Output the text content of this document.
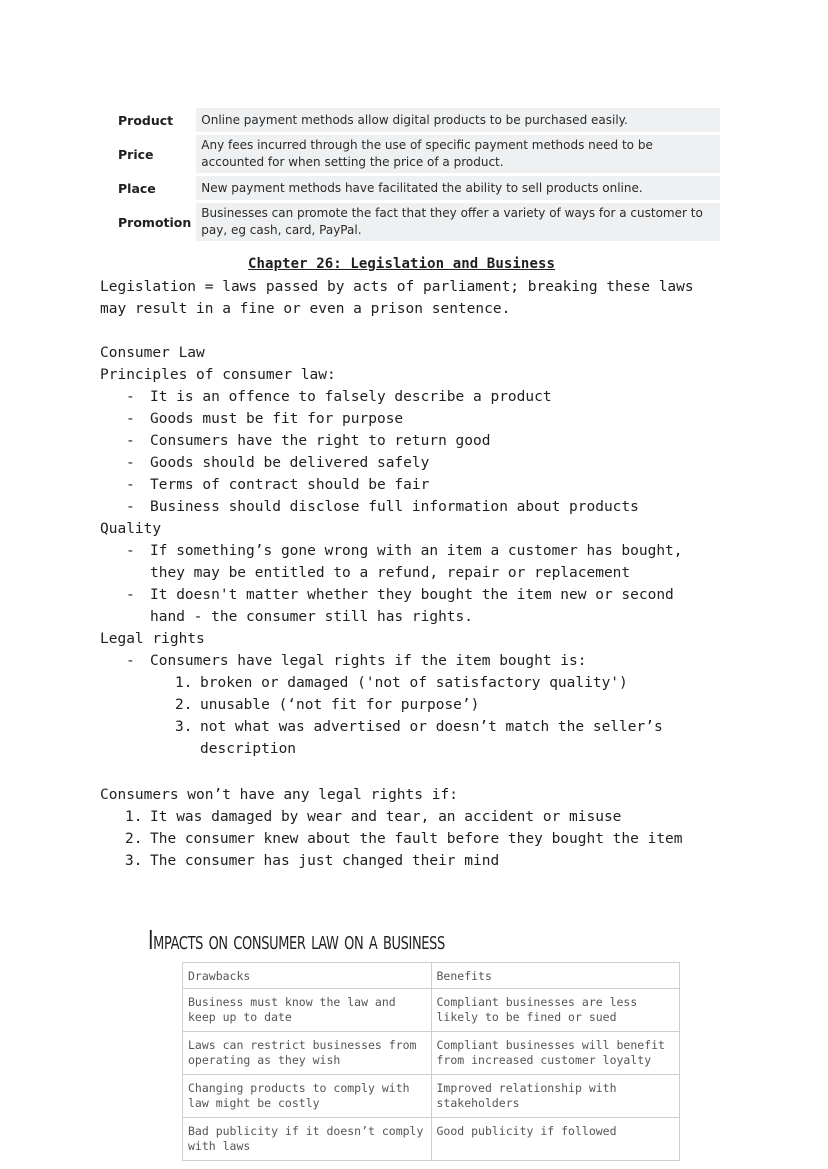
Product	Online payment methods allow digital products to be purchased easily.
Price	Any fees incurred through the use of specific payment methods need to be accounted for when setting the price of a product.
Place	New payment methods have facilitated the ability to sell products online.
Promotion	Businesses can promote the fact that they offer a variety of ways for a customer to pay, eg cash, card, PayPal.
Chapter 26: Legislation and Business
Legislation = laws passed by acts of parliament; breaking these laws
may result in a fine or even a prison sentence.
Consumer Law
Principles of consumer law:
- It is an offence to falsely describe a product
- Goods must be fit for purpose
- Consumers have the right to return good
- Goods should be delivered safely
- Terms of contract should be fair
- Business should disclose full information about products
Quality
- If something’s gone wrong with an item a customer has bought, they may be entitled to a refund, repair or replacement
- It doesn't matter whether they bought the item new or second hand - the consumer still has rights.
Legal rights
- Consumers have legal rights if the item bought is:
1. broken or damaged ('not of satisfactory quality')
2. unusable (‘not fit for purpose’)
3. not what was advertised or doesn’t match the seller’s description
Consumers won’t have any legal rights if:
1. It was damaged by wear and tear, an accident or misuse
2. The consumer knew about the fault before they bought the item
3. The consumer has just changed their mind
Impacts on consumer law on a business
Drawbacks	Benefits
Business must know the law and keep up to date	Compliant businesses are less likely to be fined or sued
Laws can restrict businesses from operating as they wish	Compliant businesses will benefit from increased customer loyalty
Changing products to comply with law might be costly	Improved relationship with stakeholders
Bad publicity if it doesn’t comply with laws	Good publicity if followed
